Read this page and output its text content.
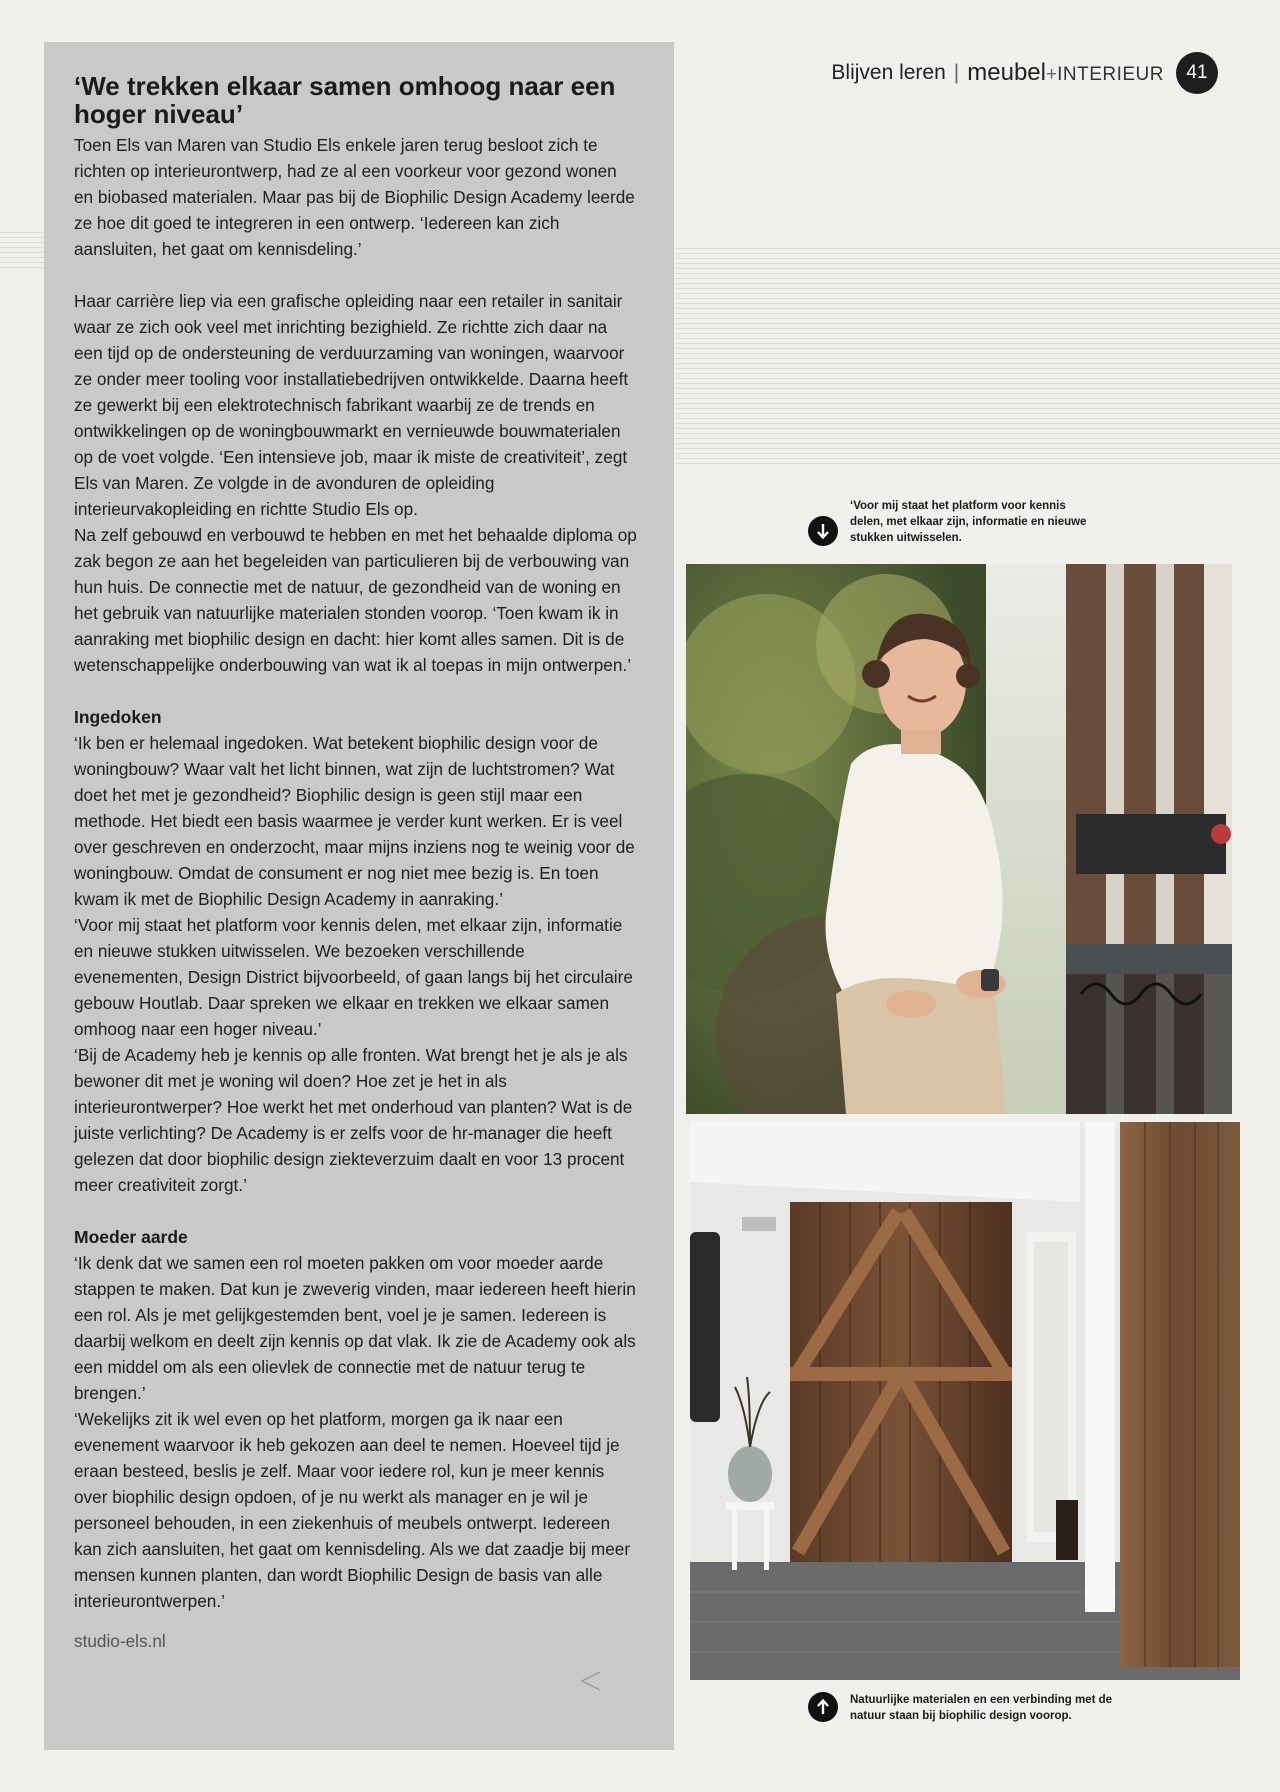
Blijven leren | meubel+INTERIEUR	41
‘We trekken elkaar samen omhoog naar een hoger niveau’

Toen Els van Maren van Studio Els enkele jaren terug besloot zich te richten op interieurontwerp, had ze al een voorkeur voor gezond wonen en biobased materialen. Maar pas bij de Biophilic Design Academy leerde ze hoe dit goed te integreren in een ontwerp. ‘Iedereen kan zich aansluiten, het gaat om kennisdeling.’

Haar carrière liep via een grafische opleiding naar een retailer in sanitair waar ze zich ook veel met inrichting bezighield. Ze richtte zich daar na een tijd op de ondersteuning de verduurzaming van woningen, waarvoor ze onder meer tooling voor installatiebedrijven ontwikkelde. Daarna heeft ze gewerkt bij een elektrotechnisch fabrikant waarbij ze de trends en ontwikkelingen op de woningbouwmarkt en vernieuwde bouwmaterialen op de voet volgde. ‘Een intensieve job, maar ik miste de creativiteit’, zegt Els van Maren. Ze volgde in de avonduren de opleiding interieurvakopleiding en richtte Studio Els op.

Na zelf gebouwd en verbouwd te hebben en met het behaalde diploma op zak begon ze aan het begeleiden van particulieren bij de verbouwing van hun huis. De connectie met de natuur, de gezondheid van de woning en het gebruik van natuurlijke materialen stonden voorop. ‘Toen kwam ik in aanraking met biophilic design en dacht: hier komt alles samen. Dit is de wetenschappelijke onderbouwing van wat ik al toepas in mijn ontwerpen.’

Ingedoken

‘Ik ben er helemaal ingedoken. Wat betekent biophilic design voor de woningbouw? Waar valt het licht binnen, wat zijn de luchtstromen? Wat doet het met je gezondheid? Biophilic design is geen stijl maar een methode. Het biedt een basis waarmee je verder kunt werken. Er is veel over geschreven en onderzocht, maar mijns inziens nog te weinig voor de woningbouw. Omdat de consument er nog niet mee bezig is. En toen kwam ik met de Biophilic Design Academy in aanraking.’

‘Voor mij staat het platform voor kennis delen, met elkaar zijn, informatie en nieuwe stukken uitwisselen. We bezoeken verschillende evenementen, Design District bijvoorbeeld, of gaan langs bij het circulaire gebouw Houtlab. Daar spreken we elkaar en trekken we elkaar samen omhoog naar een hoger niveau.’

‘Bij de Academy heb je kennis op alle fronten. Wat brengt het je als je als bewoner dit met je woning wil doen? Hoe zet je het in als interieurontwerper? Hoe werkt het met onderhoud van planten? Wat is de juiste verlichting? De Academy is er zelfs voor de hr-manager die heeft gelezen dat door biophilic design ziekteverzuim daalt en voor 13 procent meer creativiteit zorgt.’

Moeder aarde

‘Ik denk dat we samen een rol moeten pakken om voor moeder aarde stappen te maken. Dat kun je zweverig vinden, maar iedereen heeft hierin een rol. Als je met gelijkgestemden bent, voel je je samen. Iedereen is daarbij welkom en deelt zijn kennis op dat vlak. Ik zie de Academy ook als een middel om als een olievlek de connectie met de natuur terug te brengen.’

‘Wekelijks zit ik wel even op het platform, morgen ga ik naar een evenement waarvoor ik heb gekozen aan deel te nemen. Hoeveel tijd je eraan besteed, beslis je zelf. Maar voor iedere rol, kun je meer kennis over biophilic design opdoen, of je nu werkt als manager en je wil je personeel behouden, in een ziekenhuis of meubels ontwerpt. Iedereen kan zich aansluiten, het gaat om kennisdeling. Als we dat zaadje bij meer mensen kunnen planten, dan wordt Biophilic Design de basis van alle interieurontwerpen.’

studio-els.nl

‘Voor mij staat het platform voor kennis delen, met elkaar zijn, informatie en nieuwe stukken uitwisselen.
Natuurlijke materialen en een verbinding met de natuur staan bij biophilic design voorop.
